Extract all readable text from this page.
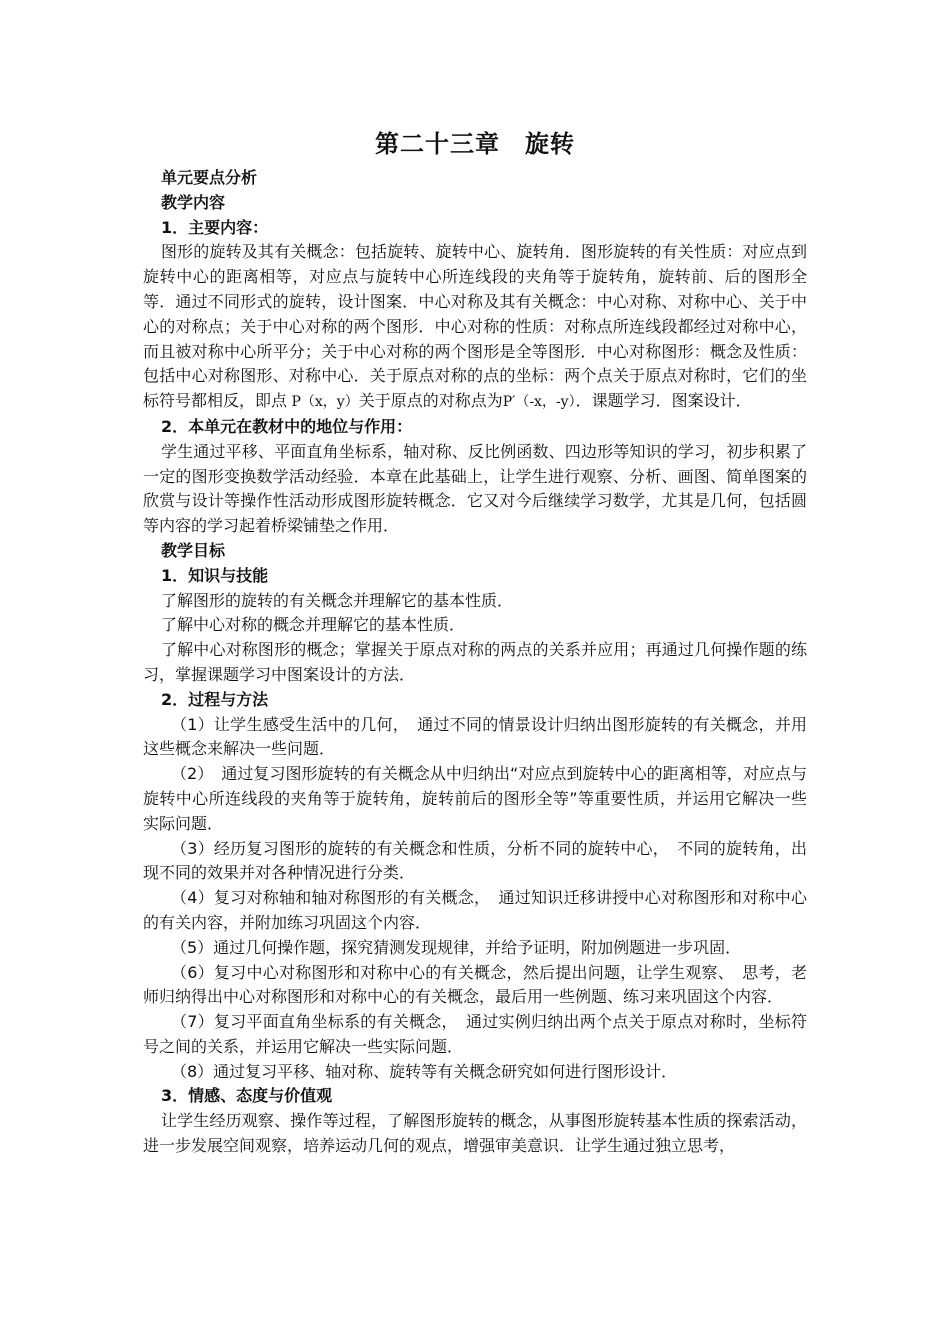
第二十三章　旋转

单元要点分析

教学内容

1．主要内容：

图形的旋转及其有关概念：包括旋转、旋转中心、旋转角．图形旋转的有关性质：对应点到旋转中心的距离相等，对应点与旋转中心所连线段的夹角等于旋转角，旋转前、后的图形全等．通过不同形式的旋转，设计图案．中心对称及其有关概念：中心对称、对称中心、关于中心的对称点；关于中心对称的两个图形．中心对称的性质：对称点所连线段都经过对称中心，而且被对称中心所平分；关于中心对称的两个图形是全等图形．中心对称图形：概念及性质：包括中心对称图形、对称中心．关于原点对称的点的坐标：两个点关于原点对称时，它们的坐标符号都相反，即点 P（x，y）关于原点的对称点为P′（-x，-y）．课题学习．图案设计．

2．本单元在教材中的地位与作用：

学生通过平移、平面直角坐标系，轴对称、反比例函数、四边形等知识的学习，初步积累了一定的图形变换数学活动经验．本章在此基础上，让学生进行观察、分析、画图、简单图案的欣赏与设计等操作性活动形成图形旋转概念．它又对今后继续学习数学，尤其是几何，包括圆等内容的学习起着桥梁铺垫之作用．

教学目标

1．知识与技能

了解图形的旋转的有关概念并理解它的基本性质．

了解中心对称的概念并理解它的基本性质．

了解中心对称图形的概念；掌握关于原点对称的两点的关系并应用；再通过几何操作题的练习，掌握课题学习中图案设计的方法．

2．过程与方法

（1）让学生感受生活中的几何，　通过不同的情景设计归纳出图形旋转的有关概念，并用这些概念来解决一些问题．

（2）　通过复习图形旋转的有关概念从中归纳出“对应点到旋转中心的距离相等，对应点与旋转中心所连线段的夹角等于旋转角，旋转前后的图形全等”等重要性质，并运用它解决一些实际问题．

（3）经历复习图形的旋转的有关概念和性质，分析不同的旋转中心，　不同的旋转角，出现不同的效果并对各种情况进行分类．

（4）复习对称轴和轴对称图形的有关概念，　通过知识迁移讲授中心对称图形和对称中心的有关内容，并附加练习巩固这个内容．

（5）通过几何操作题，探究猜测发现规律，并给予证明，附加例题进一步巩固．

（6）复习中心对称图形和对称中心的有关概念，然后提出问题，让学生观察、　思考，老师归纳得出中心对称图形和对称中心的有关概念，最后用一些例题、练习来巩固这个内容．

（7）复习平面直角坐标系的有关概念，　通过实例归纳出两个点关于原点对称时，坐标符号之间的关系，并运用它解决一些实际问题．

（8）通过复习平移、轴对称、旋转等有关概念研究如何进行图形设计．

3．情感、态度与价值观

让学生经历观察、操作等过程，了解图形旋转的概念，从事图形旋转基本性质的探索活动，进一步发展空间观察，培养运动几何的观点，增强审美意识．让学生通过独立思考，
